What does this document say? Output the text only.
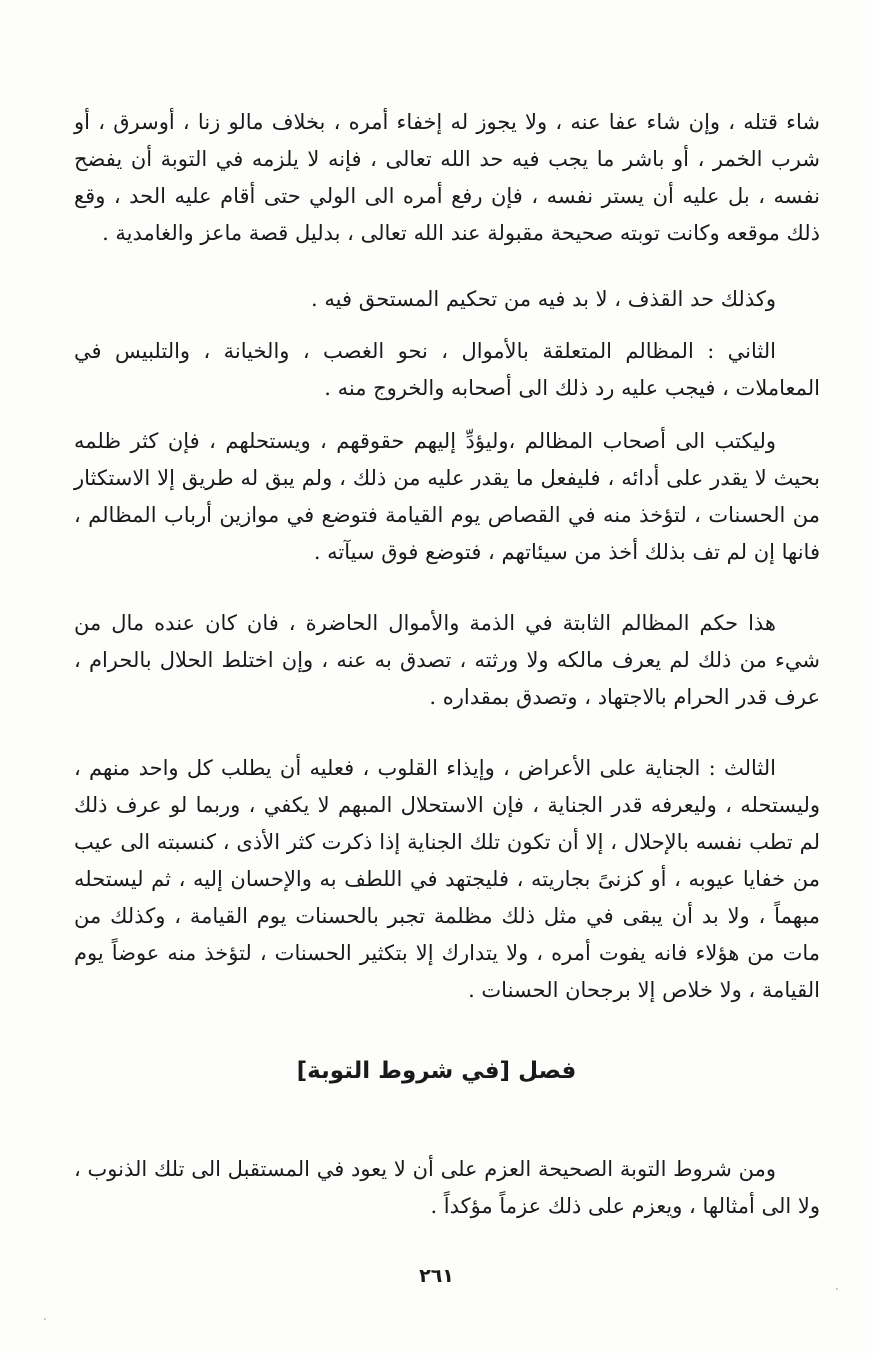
شاء قتله ، وإن شاء عفا عنه ، ولا يجوز له إخفاء أمره ، بخلاف مالو زنا ، أوسرق ، أو شرب الخمر ، أو باشر ما يجب فيه حد الله تعالى ، فإنه لا يلزمه في التوبة أن يفضح نفسه ، بل عليه أن يستر نفسه ، فإن رفع أمره الى الولي حتى أقام عليه الحد ، وقع ذلك موقعه وكانت توبته صحيحة مقبولة عند الله تعالى ، بدليل قصة ماعز والغامدية .

وكذلك حد القذف ، لا بد فيه من تحكيم المستحق فيه .

الثاني : المظالم المتعلقة بالأموال ، نحو الغصب ، والخيانة ، والتلبيس في المعاملات ، فيجب عليه رد ذلك الى أصحابه والخروج منه .

وليكتب الى أصحاب المظالم ،وليؤدِّ إليهم حقوقهم ، ويستحلهم ، فإن كثر ظلمه بحيث لا يقدر على أدائه ، فليفعل ما يقدر عليه من ذلك ، ولم يبق له طريق إلا الاستكثار من الحسنات ، لتؤخذ منه في القصاص يوم القيامة فتوضع في موازين أرباب المظالم ، فانها إن لم تف بذلك أخذ من سيئاتهم ، فتوضع فوق سيآته .

هذا حكم المظالم الثابتة في الذمة والأموال الحاضرة ، فان كان عنده مال من شيء من ذلك لم يعرف مالكه ولا ورثته ، تصدق به عنه ، وإن اختلط الحلال بالحرام ، عرف قدر الحرام بالاجتهاد ، وتصدق بمقداره .

الثالث : الجناية على الأعراض ، وإيذاء القلوب ، فعليه أن يطلب كل واحد منهم ، وليستحله ، وليعرفه قدر الجناية ، فإن الاستحلال المبهم لا يكفي ، وربما لو عرف ذلك لم تطب نفسه بالإحلال ، إلا أن تكون تلك الجناية إذا ذكرت كثر الأذى ، كنسبته الى عيب من خفايا عيوبه ، أو كزنىً بجاريته ، فليجتهد في اللطف به والإحسان إليه ، ثم ليستحله مبهماً ، ولا بد أن يبقى في مثل ذلك مظلمة تجبر بالحسنات يوم القيامة ، وكذلك من مات من هؤلاء فانه يفوت أمره ، ولا يتدارك إلا بتكثير الحسنات ، لتؤخذ منه عوضاً يوم القيامة ، ولا خلاص إلا برجحان الحسنات .

فصل [في شروط التوبة]

ومن شروط التوبة الصحيحة العزم على أن لا يعود في المستقبل الى تلك الذنوب ، ولا الى أمثالها ، ويعزم على ذلك عزماً مؤكداً .

٢٦١
